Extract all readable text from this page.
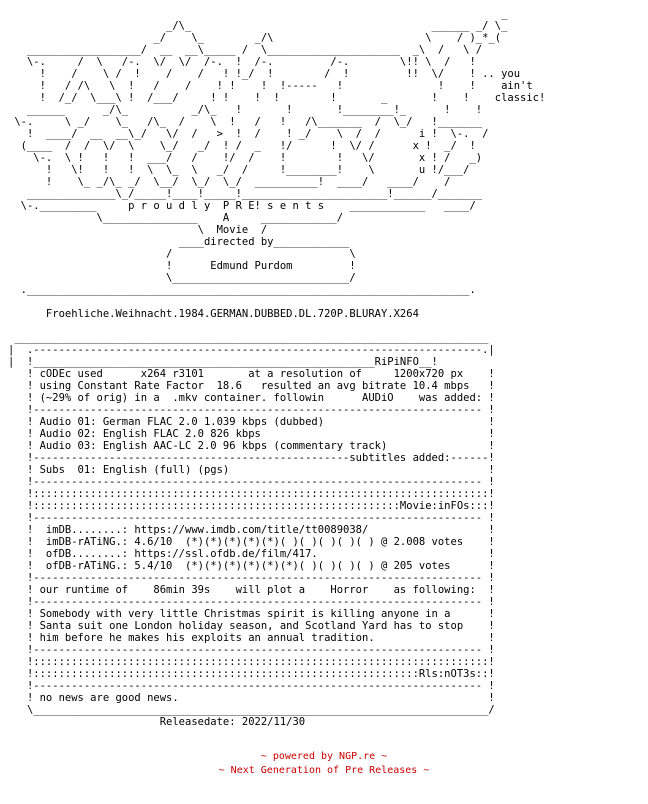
_
_/\_                                      ______ _/ \_
_/    \_        _/\                        \    / )_*_(
__________________/  __  __\_____ /  \_____________________  _\  /   \ /
\-.     /  \   /-.  \/  \/  /-.  !  /-.         /-.        \!! \  /   !
!    /    \ /  !    /    /   ! !_/  !        /  !         !!  \/    ! .. you
!   / /\   \  !   /    /    ! !    !  !-----   !               !    !    ain't
!  /_/  \___\ !  /___/     ! !    !  !        !       _       !    !    classic!
______      _/\_          _/\_   !       !       !________!_      !    !
\-.     \ _/    \_   /\_  /    \  !   /   !   /\_______  /  \_/   !_______
!  ____/  __  __\_/   \/  /   >  !  /    ! _/    \  /  /      i !  \-.  /
(____  /  /  \/  \    \_/   _/  ! /  _   !/      !  \/ /      x !  _/  !
\-.  \ !   !   !  ___/   /    !/  /    !        !   \/       x ! /   _)
!   \!   !   !  \  \_  \   _/  /     !________!    \       u !/___/
!    \_ _/\_ _/  \__/  \_/  \_/  __________!  ____/   ____/    /
______________\_/_____!____!_____!_______________________!______/_______
\-._________     p r o u d l y  P R E! s e n t s    ____________   ____/
\_______________    A     ____________/
\  Movie  /
____directed by____________
/                            \
!      Edmund Purdom         !
\____________________________/
.______________________________________________________________________.

Froehliche.Weihnacht.1984.GERMAN.DUBBED.DL.720P.BLURAY.X264

___________________________________________________________________________
|  .-----------------------------------------------------------------------.|
|  !______________________________________________________RiPiNFO__!
! cODEc used      x264 r3101       at a resolution of     1200x720 px    !
! using Constant Rate Factor  18.6   resulted an avg bitrate 10.4 mbps   !
! (~29% of orig) in a  .mkv container. followin      AUDiO    was added: !
!----------------------------------------------------------------------- !
! Audio 01: German FLAC 2.0 1.039 kbps (dubbed)                          !
! Audio 02: English FLAC 2.0 826 kbps                                    !
! Audio 03: English AAC-LC 2.0 96 kbps (commentary track)                !
!--------------------------------------------------subtitles added:------!
! Subs  01: English (full) (pgs)                                         !
!----------------------------------------------------------------------- !
!::::::::::::::::::::::::::::::::::::::::::::::::::::::::::::::::::::::::!
!::::::::::::::::::::::::::::::::::::::::::::::::::::::::::Movie:inFOs:::!
!----------------------------------------------------------------------- !
!  imDB........: https://www.imdb.com/title/tt0089038/                   !
!  imDB-rATiNG.: 4.6/10  (*)(*)(*)(*)(*)( )( )( )( )( ) @ 2.008 votes    !
!  ofDB........: https://ssl.ofdb.de/film/417.                           !
!  ofDB-rATiNG.: 5.4/10  (*)(*)(*)(*)(*)(*)( )( )( )( ) @ 205 votes      !
!----------------------------------------------------------------------- !
! our runtime of    86min 39s    will plot a    Horror    as following:  !
!----------------------------------------------------------------------- !
! Somebody with very little Christmas spirit is killing anyone in a      !
! Santa suit one London holiday season, and Scotland Yard has to stop    !
! him before he makes his exploits an annual tradition.                  !
!----------------------------------------------------------------------- !
!::::::::::::::::::::::::::::::::::::::::::::::::::::::::::::::::::::::::!
!:::::::::::::::::::::::::::::::::::::::::::::::::::::::::::::Rls:nOT3s::!
!----------------------------------------------------------------------- !
! no news are good news.                                                 !
\________________________________________________________________________/
Releasedate: 2022/11/30

~ powered by NGP.re ~
~ Next Generation of Pre Releases ~
